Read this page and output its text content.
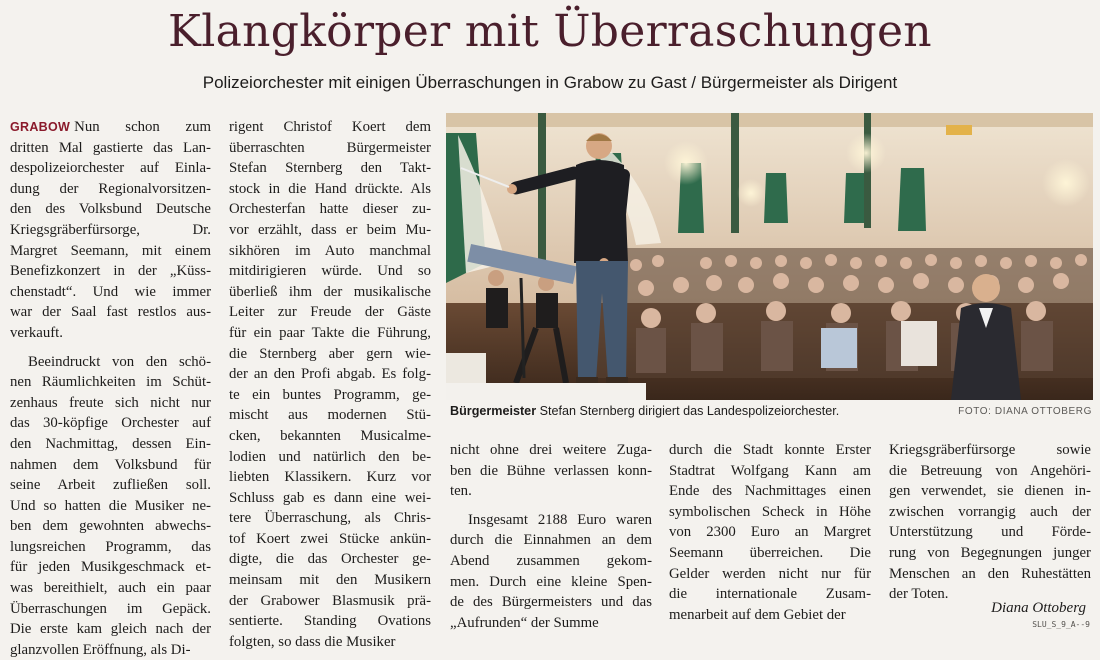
Klangkörper mit Überraschungen
Polizeiorchester mit einigen Überraschungen in Grabow zu Gast / Bürgermeister als Dirigent
GRABOW Nun schon zum
dritten Mal gastierte das Lan-
despolizeiorchester auf Einla-
dung der Regionalvorsitzen-
den des Volksbund Deutsche
Kriegsgräberfürsorge, Dr.
Margret Seemann, mit einem
Benefizkonzert in der „Küss-
chenstadt“. Und wie immer
war der Saal fast restlos aus-
verkauft.
Beeindruckt von den schö-
nen Räumlichkeiten im Schüt-
zenhaus freute sich nicht nur
das 30-köpfige Orchester auf
den Nachmittag, dessen Ein-
nahmen dem Volksbund für
seine Arbeit zufließen soll.
Und so hatten die Musiker ne-
ben dem gewohnten abwechs-
lungsreichen Programm, das
für jeden Musikgeschmack et-
was bereithielt, auch ein paar
Überraschungen im Gepäck.
Die erste kam gleich nach der
glanzvollen Eröffnung, als Di-
rigent Christof Koert dem
überraschten Bürgermeister
Stefan Sternberg den Takt-
stock in die Hand drückte. Als
Orchesterfan hatte dieser zu-
vor erzählt, dass er beim Mu-
sikhören im Auto manchmal
mitdirigieren würde. Und so
überließ ihm der musikalische
Leiter zur Freude der Gäste
für ein paar Takte die Führung,
die Sternberg aber gern wie-
der an den Profi abgab. Es folg-
te ein buntes Programm, ge-
mischt aus modernen Stü-
cken, bekannten Musicalme-
lodien und natürlich den be-
liebten Klassikern. Kurz vor
Schluss gab es dann eine wei-
tere Überraschung, als Chris-
tof Koert zwei Stücke ankün-
digte, die das Orchester ge-
meinsam mit den Musikern
der Grabower Blasmusik prä-
sentierte. Standing Ovations
folgten, so dass die Musiker
nicht ohne drei weitere Zuga-
ben die Bühne verlassen konn-
ten.
Insgesamt 2188 Euro waren
durch die Einnahmen an dem
Abend zusammen gekom-
men. Durch eine kleine Spen-
de des Bürgermeisters und das
„Aufrunden“ der Summe
durch die Stadt konnte Erster
Stadtrat Wolfgang Kann am
Ende des Nachmittages einen
symbolischen Scheck in Höhe
von 2300 Euro an Margret
Seemann überreichen. Die
Gelder werden nicht nur für
die internationale Zusam-
menarbeit auf dem Gebiet der
Kriegsgräberfürsorge sowie
die Betreuung von Angehöri-
gen verwendet, sie dienen in-
zwischen vorrangig auch der
Unterstützung und Förde-
rung von Begegnungen junger
Menschen an den Ruhestätten
der Toten.
Bürgermeister Stefan Sternberg dirigiert das Landespolizeiorchester.	FOTO: DIANA OTTOBERG
Diana Ottoberg
SLU_S_9_A--9
